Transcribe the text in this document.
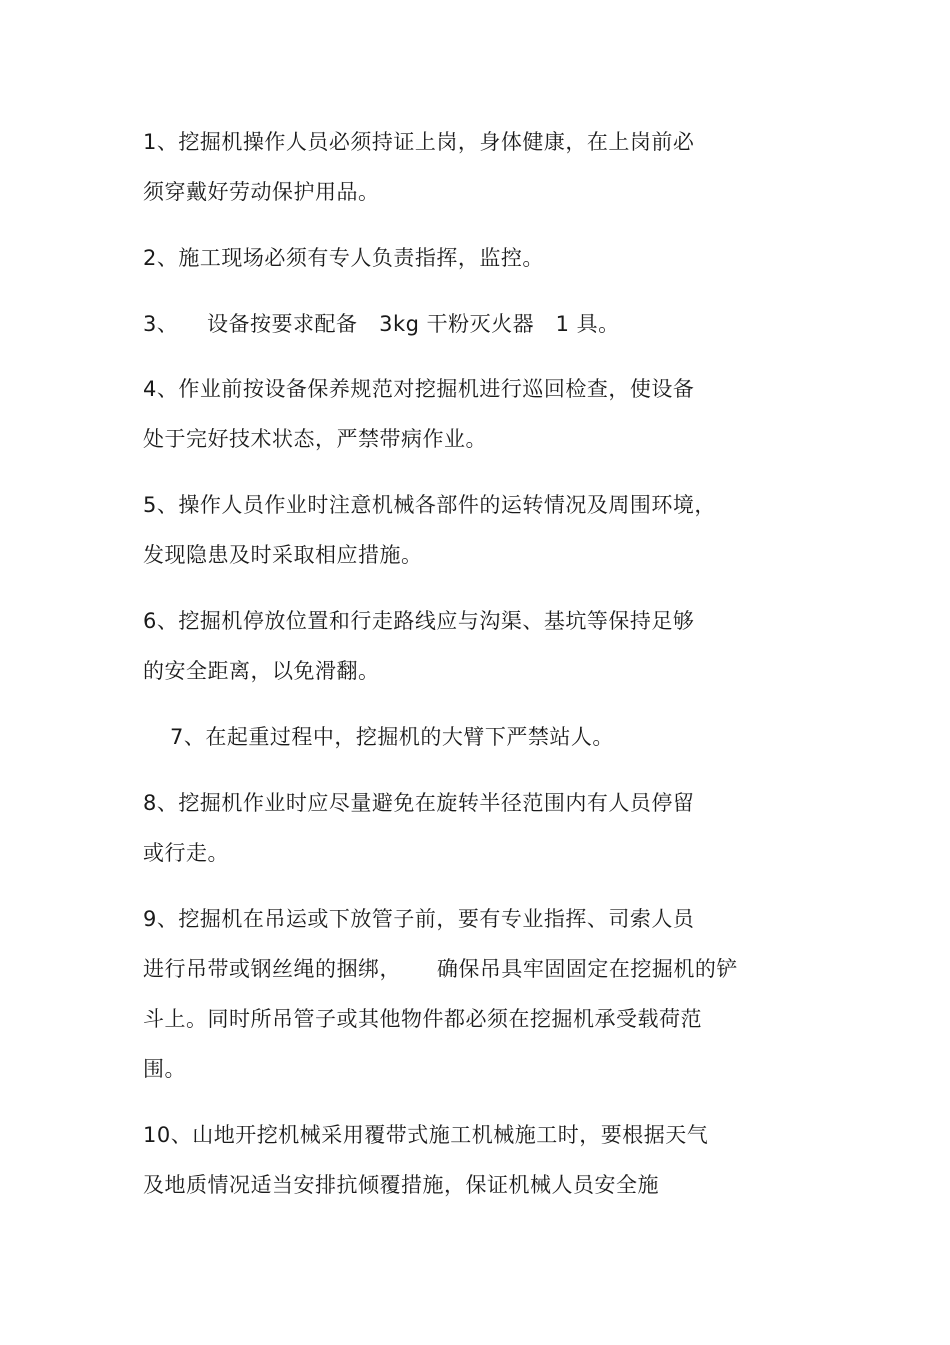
1、挖掘机操作人员必须持证上岗，身体健康，在上岗前必
须穿戴好劳动保护用品。
2、施工现场必须有专人负责指挥，监控。
3、    设备按要求配备   3kg 干粉灭火器   1 具。
4、作业前按设备保养规范对挖掘机进行巡回检查，使设备
处于完好技术状态，严禁带病作业。
5、操作人员作业时注意机械各部件的运转情况及周围环境，
发现隐患及时采取相应措施。
6、挖掘机停放位置和行走路线应与沟渠、基坑等保持足够
的安全距离，以免滑翻。
7、在起重过程中，挖掘机的大臂下严禁站人。
8、挖掘机作业时应尽量避免在旋转半径范围内有人员停留
或行走。
9、挖掘机在吊运或下放管子前，要有专业指挥、司索人员
进行吊带或钢丝绳的捆绑，     确保吊具牢固固定在挖掘机的铲
斗上。同时所吊管子或其他物件都必须在挖掘机承受载荷范
围。
10、山地开挖机械采用覆带式施工机械施工时，要根据天气
及地质情况适当安排抗倾覆措施，保证机械人员安全施
